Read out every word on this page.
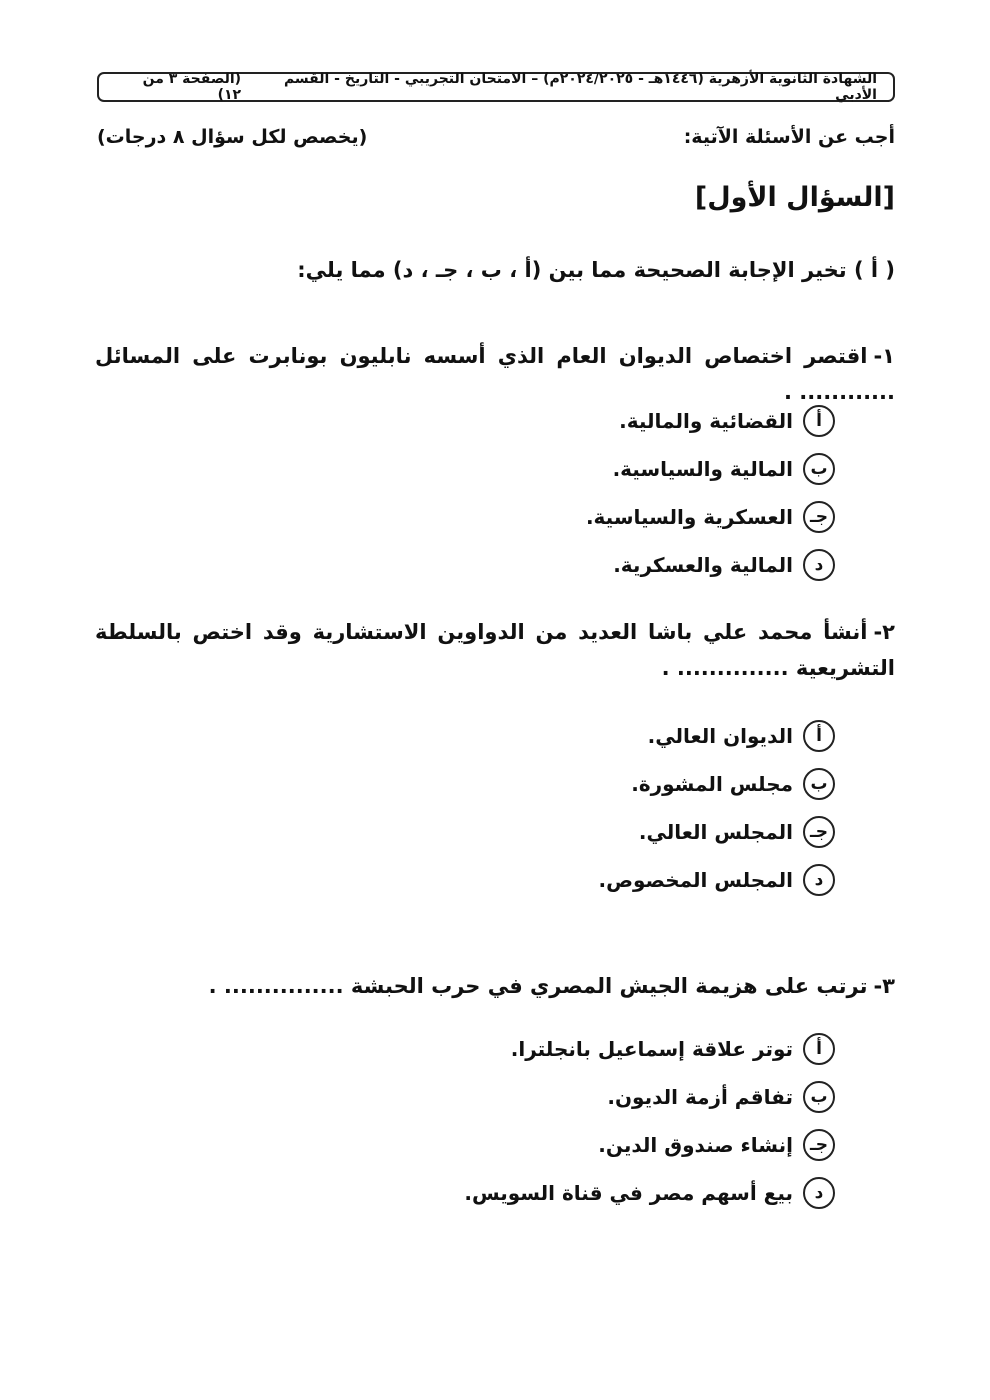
الشهادة الثانوية الأزهرية (١٤٤٦هـ - ٢٠٢٤/٢٠٢٥م) – الامتحان التجريبي - التاريخ - القسم الأدبي
(الصفحة ٣ من ١٢)
أجب عن الأسئلة الآتية:
(يخصص لكل سؤال ٨ درجات)
[السؤال الأول]
( أ ) تخير الإجابة الصحيحة مما بين (أ ، ب ، جـ ، د) مما يلي:
١-اقتصر اختصاص الديوان العام الذي أسسه نابليون بونابرت على المسائل ............ .
أ
القضائية والمالية.
ب
المالية والسياسية.
جـ
العسكرية والسياسية.
د
المالية والعسكرية.
٢-أنشأ محمد علي باشا العديد من الدواوين الاستشارية وقد اختص بالسلطة التشريعية .............. .
أ
الديوان العالي.
ب
مجلس المشورة.
جـ
المجلس العالي.
د
المجلس المخصوص.
٣-ترتب على هزيمة الجيش المصري في حرب الحبشة ............... .
أ
توتر علاقة إسماعيل بانجلترا.
ب
تفاقم أزمة الديون.
جـ
إنشاء صندوق الدين.
د
بيع أسهم مصر في قناة السويس.
